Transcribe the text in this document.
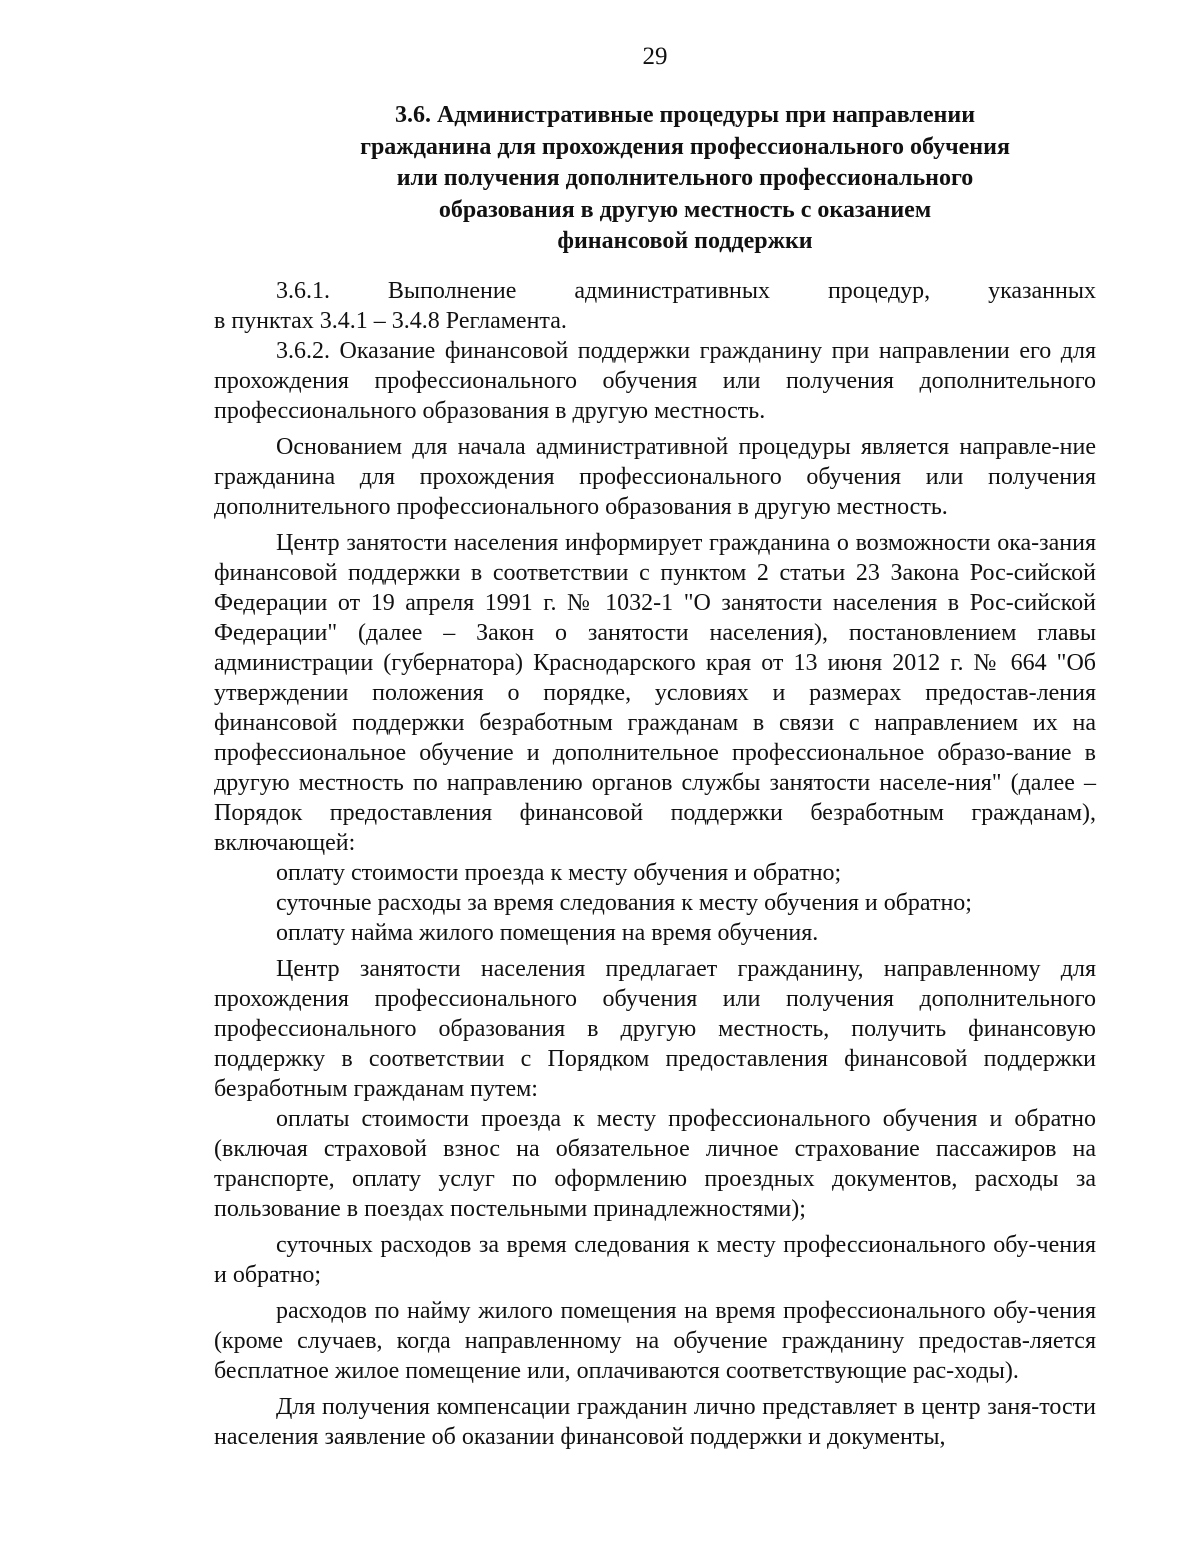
29
3.6. Административные процедуры при направлении
гражданина для прохождения профессионального обучения
или получения дополнительного профессионального
образования в другую местность с оказанием
финансовой поддержки
3.6.1. Выполнение административных процедур, указанных

в пунктах 3.4.1 – 3.4.8 Регламента.

3.6.2. Оказание финансовой поддержки гражданину при направлении его для прохождения профессионального обучения или получения дополнительного профессионального образования в другую местность.

Основанием для начала административной процедуры является направле-ние гражданина для прохождения профессионального обучения или получения дополнительного профессионального образования в другую местность.

Центр занятости населения информирует гражданина о возможности ока-зания финансовой поддержки в соответствии с пунктом 2 статьи 23 Закона Рос-сийской Федерации от 19 апреля 1991 г. № 1032-1 "О занятости населения в Рос-сийской Федерации" (далее – Закон о занятости населения), постановлением главы администрации (губернатора) Краснодарского края от 13 июня 2012 г. № 664 "Об утверждении положения о порядке, условиях и размерах предостав-ления финансовой поддержки безработным гражданам в связи с направлением их на профессиональное обучение и дополнительное профессиональное образо-вание в другую местность по направлению органов службы занятости населе-ния" (далее – Порядок предоставления финансовой поддержки безработным гражданам), включающей:

оплату стоимости проезда к месту обучения и обратно;

суточные расходы за время следования к месту обучения и обратно;

оплату найма жилого помещения на время обучения.

Центр занятости населения предлагает гражданину, направленному для прохождения профессионального обучения или получения дополнительного профессионального образования в другую местность, получить финансовую поддержку в соответствии с Порядком предоставления финансовой поддержки безработным гражданам путем:

оплаты стоимости проезда к месту профессионального обучения и обратно (включая страховой взнос на обязательное личное страхование пассажиров на транспорте, оплату услуг по оформлению проездных документов, расходы за пользование в поездах постельными принадлежностями);

суточных расходов за время следования к месту профессионального обу-чения и обратно;

расходов по найму жилого помещения на время профессионального обу-чения (кроме случаев, когда направленному на обучение гражданину предостав-ляется бесплатное жилое помещение или, оплачиваются соответствующие рас-ходы).

Для получения компенсации гражданин лично представляет в центр заня-тости населения заявление об оказании финансовой поддержки и документы,
